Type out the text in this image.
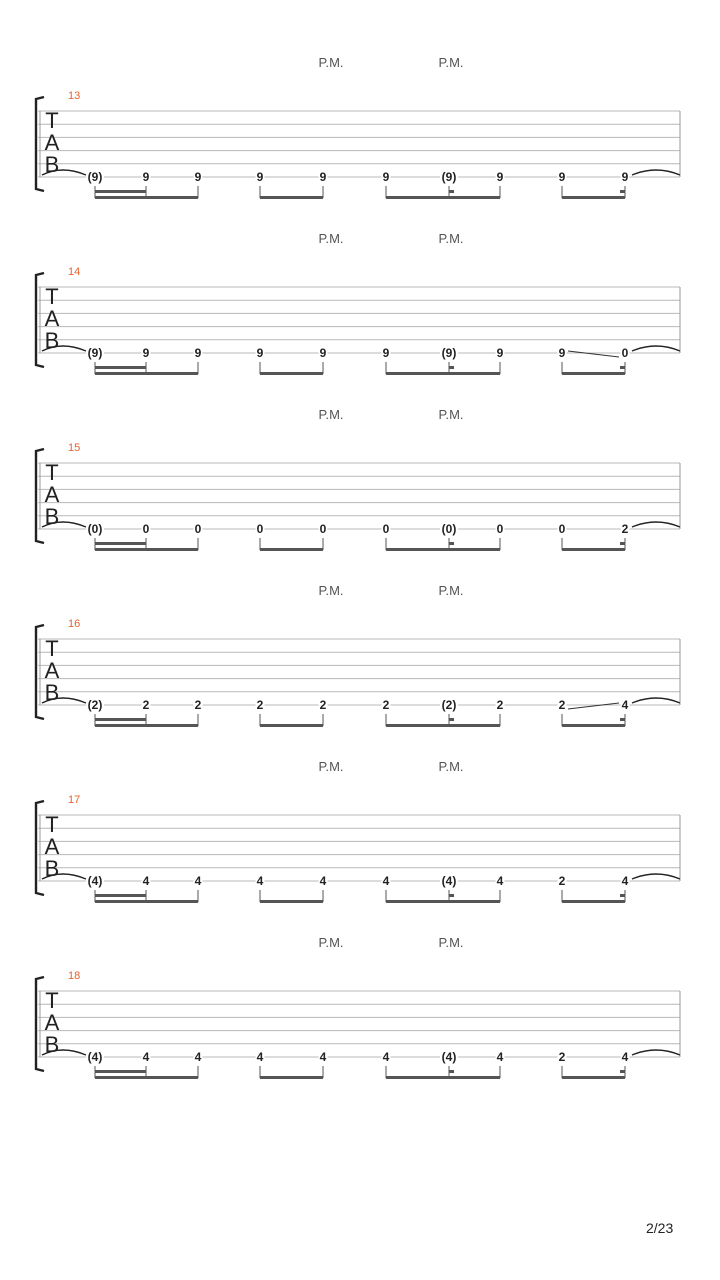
P.M.	P.M.
13
T
A
B (9)	9	9	9	9	9	(9)	9	9	9
P.M.	P.M.
14
T
A
B (9)	9	9	9	9	9	(9)	9	9	0
P.M.	P.M.
15
T
A
B (0)	0	0	0	0	0	(0)	0	0	2
P.M.	P.M.
16
T
A
B (2)	2	2	2	2	2	(2)	2	2	4
P.M.	P.M.
17
T
A
B (4)	4	4	4	4	4	(4)	4	2	4
P.M.	P.M.
18
T
A
B (4)	4	4	4	4	4	(4)	4	2	4
2/23
